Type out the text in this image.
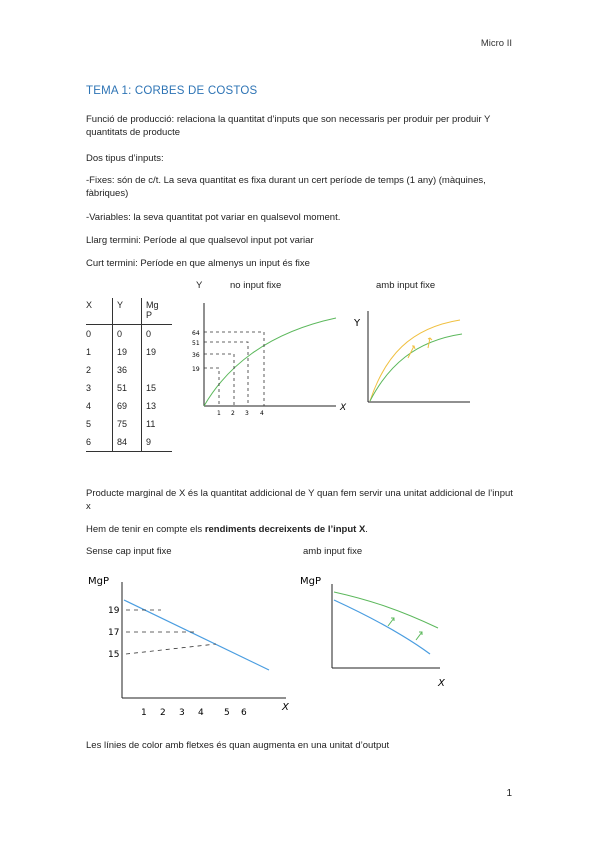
Micro II
TEMA 1: CORBES DE COSTOS
Funció de producció: relaciona la quantitat d’inputs que son necessaris per produir per produir Y quantitats de producte
Dos tipus d’inputs:
-Fixes: són de c/t. La seva quantitat es fixa durant un cert període de temps (1 any) (màquines, fàbriques)
-Variables: la seva quantitat pot variar en qualsevol moment.
Llarg termini: Període al que qualsevol input pot variar
Curt termini: Període en que almenys un input és fixe
Y	no input fixe	amb input fixe
X	Y	MgP
0	0	0
1	19	19
2	36	
3	51	15
4	69	13
5	75	11
6	84	9
64
51
36
19
1 2 3 4
X
Y
Producte marginal de X és la quantitat addicional de Y quan fem servir una unitat addicional de l’input x
Hem de tenir en compte els rendiments decreixents de l’input X.
Sense cap input fixe	amb input fixe
MgP
19
17
15
1 2 3 4 5 6	X
MgP
X
Les línies de color amb fletxes és quan augmenta en una unitat d’output
1
